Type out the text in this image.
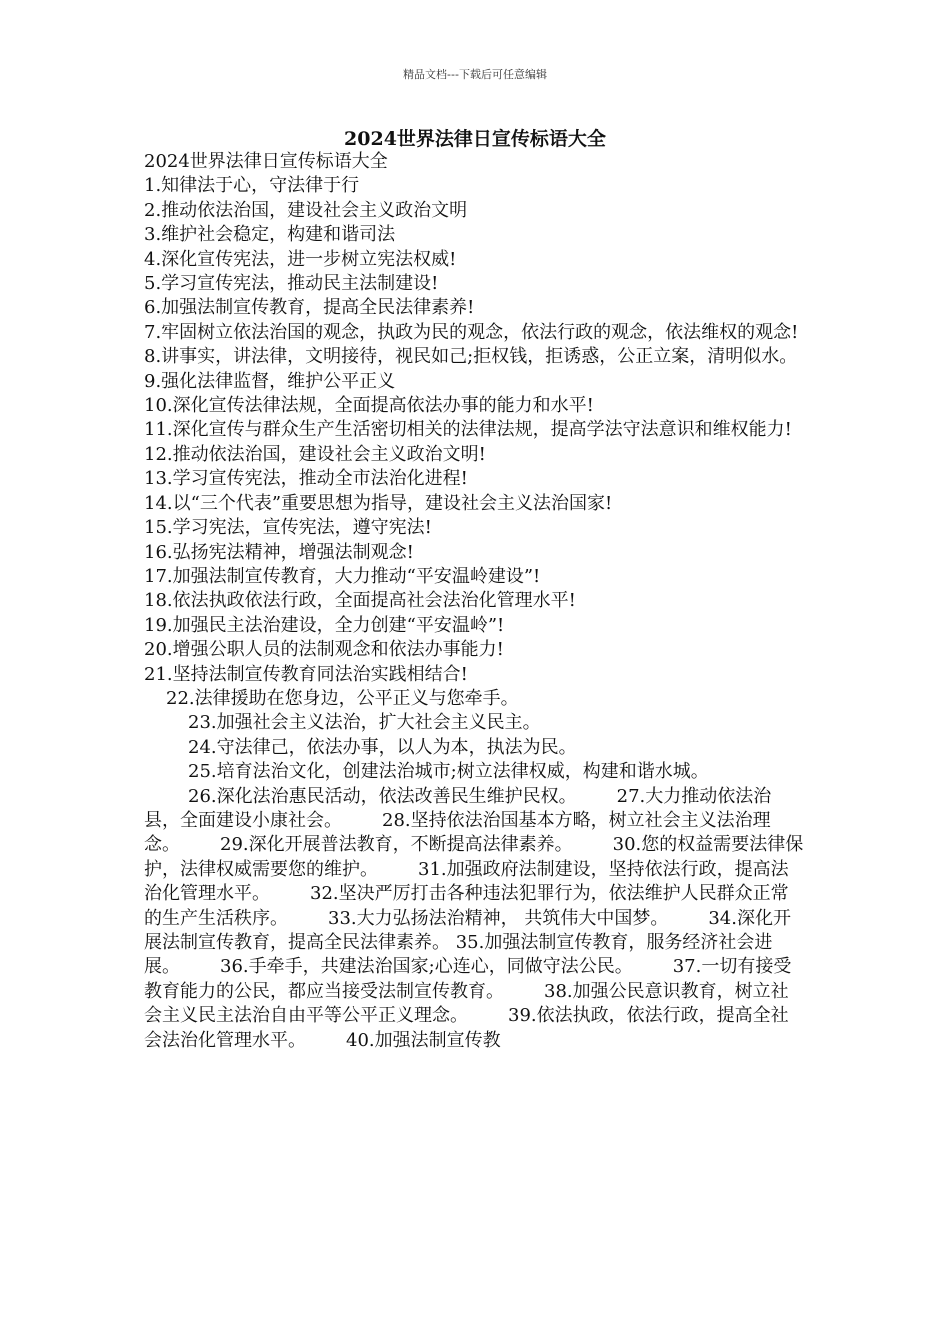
精品文档---下载后可任意编辑
2024世界法律日宣传标语大全

2024世界法律日宣传标语大全

1.知律法于心，守法律于行

2.推动依法治国，建设社会主义政治文明

3.维护社会稳定，构建和谐司法

4.深化宣传宪法，进一步树立宪法权威!

5.学习宣传宪法，推动民主法制建设!

6.加强法制宣传教育，提高全民法律素养!

7.牢固树立依法治国的观念，执政为民的观念，依法行政的观念，依法维权的观念!

8.讲事实，讲法律，文明接待，视民如己;拒权钱，拒诱惑，公正立案，清明似水。

9.强化法律监督，维护公平正义

10.深化宣传法律法规，全面提高依法办事的能力和水平!

11.深化宣传与群众生产生活密切相关的法律法规，提高学法守法意识和维权能力!

12.推动依法治国，建设社会主义政治文明!

13.学习宣传宪法，推动全市法治化进程!

14.以“三个代表”重要思想为指导，建设社会主义法治国家!

15.学习宪法，宣传宪法，遵守宪法!

16.弘扬宪法精神，增强法制观念!

17.加强法制宣传教育，大力推动“平安温岭建设”!

18.依法执政依法行政，全面提高社会法治化管理水平!

19.加强民主法治建设，全力创建“平安温岭”!

20.增强公职人员的法制观念和依法办事能力!

21.坚持法制宣传教育同法治实践相结合!

22.法律援助在您身边，公平正义与您牵手。

23.加强社会主义法治，扩大社会主义民主。

24.守法律己，依法办事，以人为本，执法为民。

25.培育法治文化，创建法治城市;树立法律权威，构建和谐水城。

26.深化法治惠民活动，依法改善民生维护民权。 27.大力推动依法治县，全面建设小康社会。 28.坚持依法治国基本方略，树立社会主义法治理念。 29.深化开展普法教育，不断提高法律素养。 30.您的权益需要法律保护，法律权威需要您的维护。 31.加强政府法制建设，坚持依法行政，提高法治化管理水平。 32.坚决严厉打击各种违法犯罪行为，依法维护人民群众正常的生产生活秩序。 33.大力弘扬法治精神， 共筑伟大中国梦。 34.深化开展法制宣传教育，提高全民法律素养。 35.加强法制宣传教育，服务经济社会进展。 36.手牵手，共建法治国家;心连心，同做守法公民。 37.一切有接受教育能力的公民，都应当接受法制宣传教育。 38.加强公民意识教育，树立社会主义民主法治自由平等公平正义理念。 39.依法执政，依法行政，提高全社会法治化管理水平。 40.加强法制宣传教
